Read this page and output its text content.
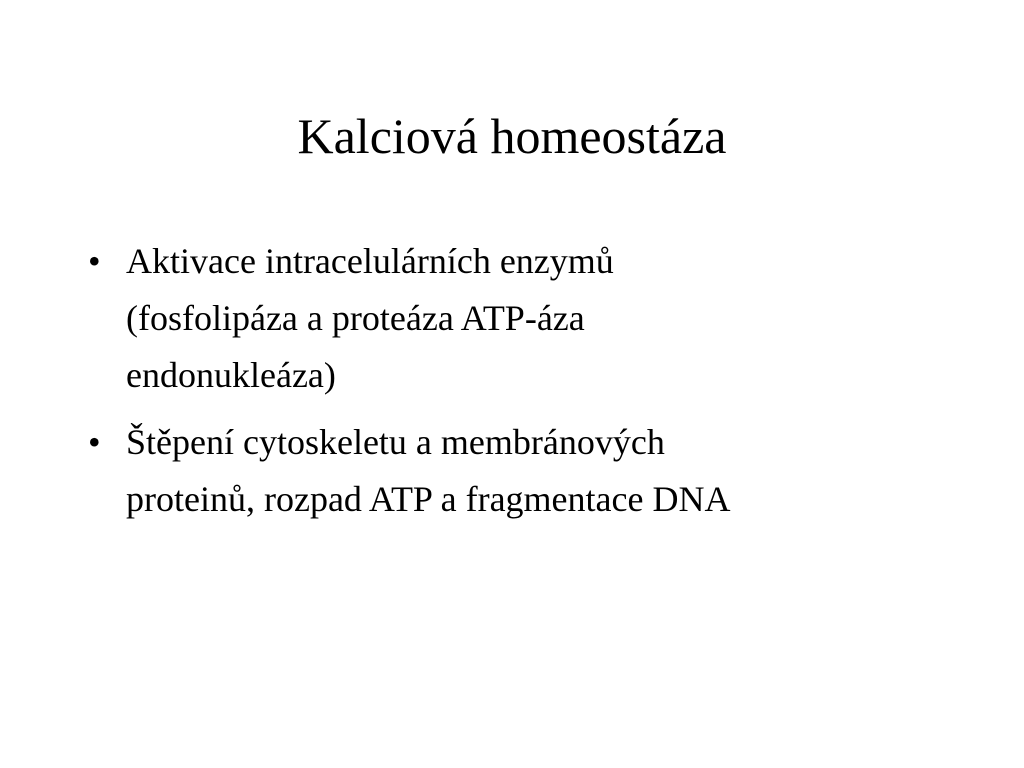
Kalciová homeostáza
• Aktivace intracelulárních enzymů
(fosfolipáza a proteáza ATP-áza
endonukleáza)
• Štěpení cytoskeletu a membránových
proteinů, rozpad ATP a fragmentace DNA
